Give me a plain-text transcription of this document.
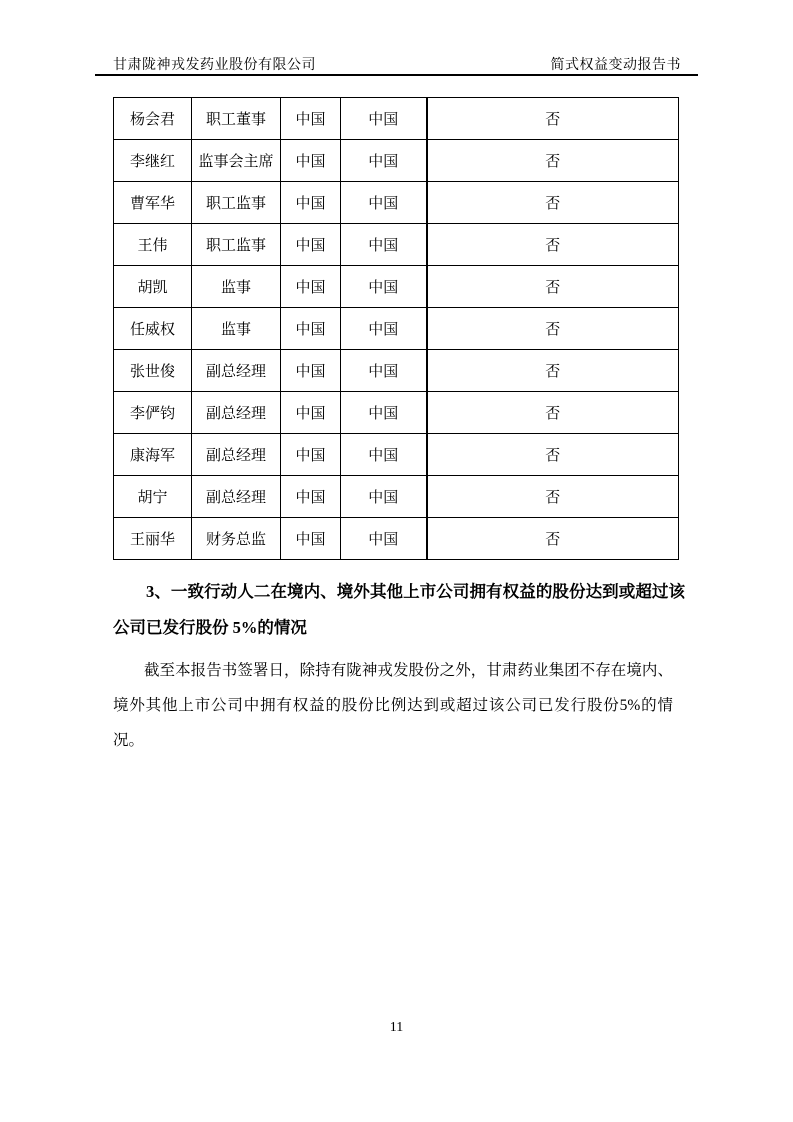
甘肃陇神戎发药业股份有限公司	简式权益变动报告书
杨会君	职工董事	中国	中国	否
李继红	监事会主席	中国	中国	否
曹军华	职工监事	中国	中国	否
王伟	职工监事	中国	中国	否
胡凯	监事	中国	中国	否
任威权	监事	中国	中国	否
张世俊	副总经理	中国	中国	否
李俨钧	副总经理	中国	中国	否
康海军	副总经理	中国	中国	否
胡宁	副总经理	中国	中国	否
王丽华	财务总监	中国	中国	否
3、一致行动人二在境内、境外其他上市公司拥有权益的股份达到或超过该公司已发行股份 5%的情况
截至本报告书签署日，除持有陇神戎发股份之外，甘肃药业集团不存在境内、境外其他上市公司中拥有权益的股份比例达到或超过该公司已发行股份5%的情况。
11
